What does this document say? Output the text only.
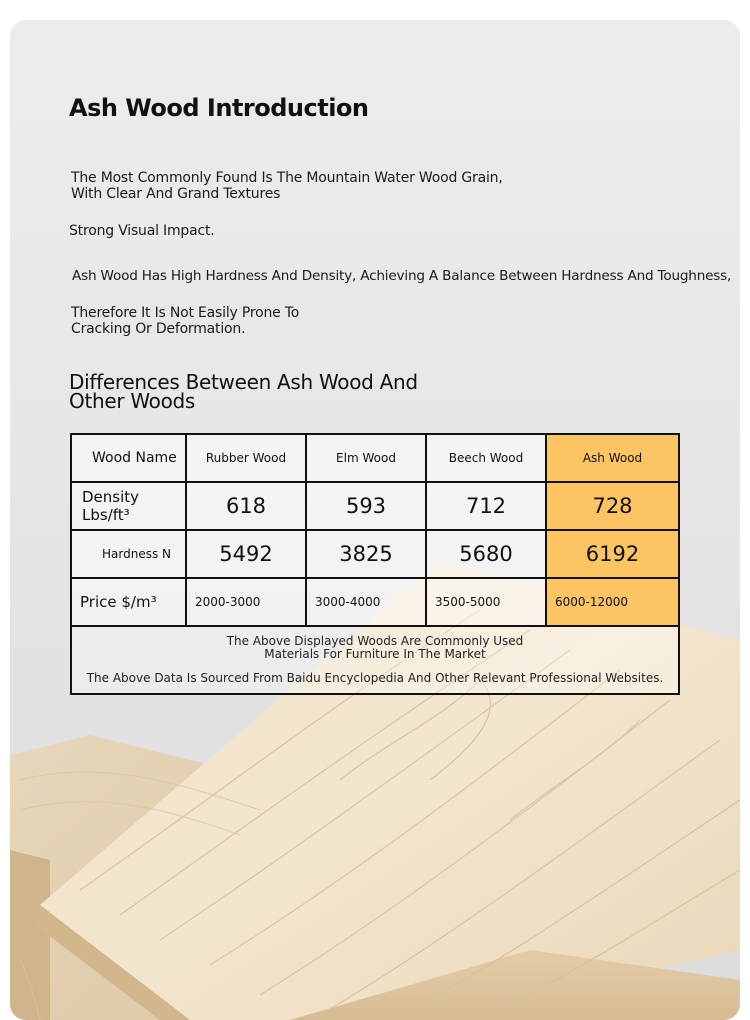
Ash Wood Introduction

The Most Commonly Found Is The Mountain Water Wood Grain,
With Clear And Grand Textures

Strong Visual Impact.

Ash Wood Has High Hardness And Density, Achieving A Balance Between Hardness And Toughness,

Therefore It Is Not Easily Prone To
Cracking Or Deformation.

Differences Between Ash Wood And
Other Woods
Wood Name	Rubber Wood	Elm Wood	Beech Wood	Ash Wood
Density Lbs/ft³	618	593	712	728
Hardness N	5492	3825	5680	6192
Price $/m³	2000-3000	3000-4000	3500-5000	6000-12000

The Above Displayed Woods Are Commonly Used
Materials For Furniture In The Market
The Above Data Is Sourced From Baidu Encyclopedia And Other Relevant Professional Websites.				
